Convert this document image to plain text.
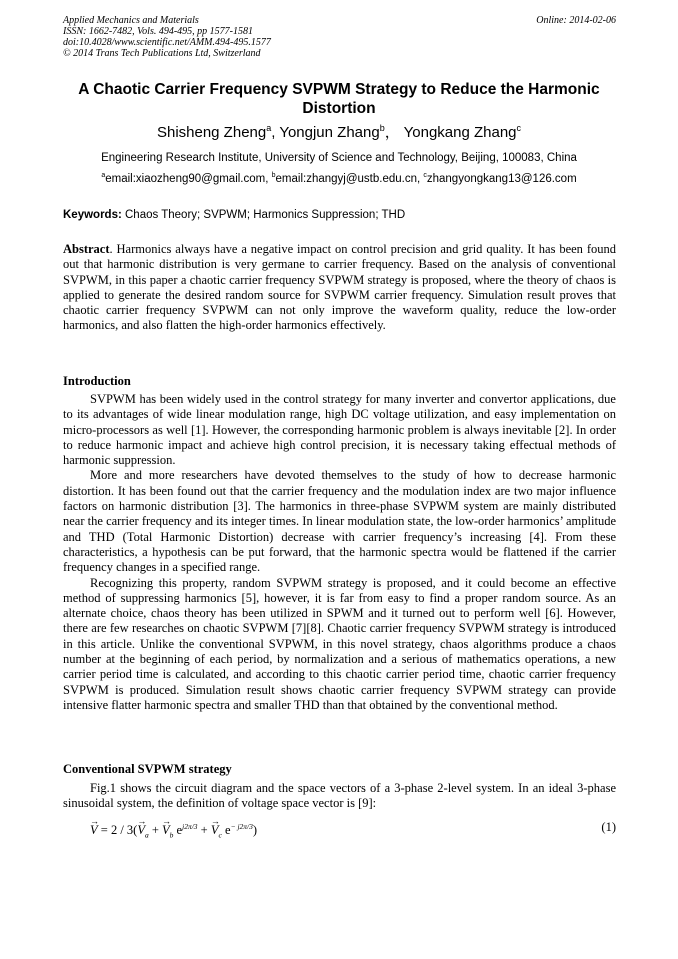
Applied Mechanics and Materials
ISSN: 1662-7482, Vols. 494-495, pp 1577-1581
doi:10.4028/www.scientific.net/AMM.494-495.1577
© 2014 Trans Tech Publications Ltd, Switzerland
Online: 2014-02-06
A Chaotic Carrier Frequency SVPWM Strategy to Reduce the Harmonic
Distortion
Shisheng Zheng$^a$, Yongjun Zhang$^b$， Yongkang Zhang$^c$
Engineering Research Institute, University of Science and Technology, Beijing, 100083, China
$^a$email:xiaozheng90@gmail.com, $^b$email:zhangyj@ustb.edu.cn, $^c$zhangyongkang13@126.com
Keywords: Chaos Theory; SVPWM; Harmonics Suppression; THD

Abstract. Harmonics always have a negative impact on control precision and grid quality. It has been found out that harmonic distribution is very germane to carrier frequency. Based on the analysis of conventional SVPWM, in this paper a chaotic carrier frequency SVPWM strategy is proposed, where the theory of chaos is applied to generate the desired random source for SVPWM carrier frequency. Simulation result proves that chaotic carrier frequency SVPWM can not only improve the waveform quality, reduce the low-order harmonics, and also flatten the high-order harmonics effectively.

Introduction

SVPWM has been widely used in the control strategy for many inverter and convertor applications, due to its advantages of wide linear modulation range, high DC voltage utilization, and easy implementation on micro-processors as well [1]. However, the corresponding harmonic problem is always inevitable [2]. In order to reduce harmonic impact and achieve high control precision, it is necessary taking effectual methods of harmonic suppression.

More and more researchers have devoted themselves to the study of how to decrease harmonic distortion. It has been found out that the carrier frequency and the modulation index are two major influence factors on harmonic distribution [3]. The harmonics in three-phase SVPWM system are mainly distributed near the carrier frequency and its integer times. In linear modulation state, the low-order harmonics’ amplitude and THD (Total Harmonic Distortion) decrease with carrier frequency’s increasing [4]. From these characteristics, a hypothesis can be put forward, that the harmonic spectra would be flattened if the carrier frequency changes in a specified range.

Recognizing this property, random SVPWM strategy is proposed, and it could become an effective method of suppressing harmonics [5], however, it is far from easy to find a proper random source. As an alternate choice, chaos theory has been utilized in SPWM and it turned out to perform well [6]. However, there are few researches on chaotic SVPWM [7][8]. Chaotic carrier frequency SVPWM strategy is introduced in this article. Unlike the conventional SVPWM, in this novel strategy, chaos algorithms produce a chaos number at the beginning of each period, by normalization and a serious of mathematics operations, a new carrier period time is calculated, and according to this chaotic carrier period time, chaotic carrier frequency SVPWM is produced. Simulation result shows chaotic carrier frequency SVPWM strategy can provide intensive flatter harmonic spectra and smaller THD than that obtained by the conventional method.

Conventional SVPWM strategy

Fig.1 shows the circuit diagram and the space vectors of a 3-phase 2-level system. In an ideal 3-phase sinusoidal system, the definition of voltage space vector is [9]:

→ $V = 2 / 3(\to V_a$ + → $V_b$ $e^{j2\pi/3}$ + → $V_c$ $e^{- j2\pi/3}$)	(1)
